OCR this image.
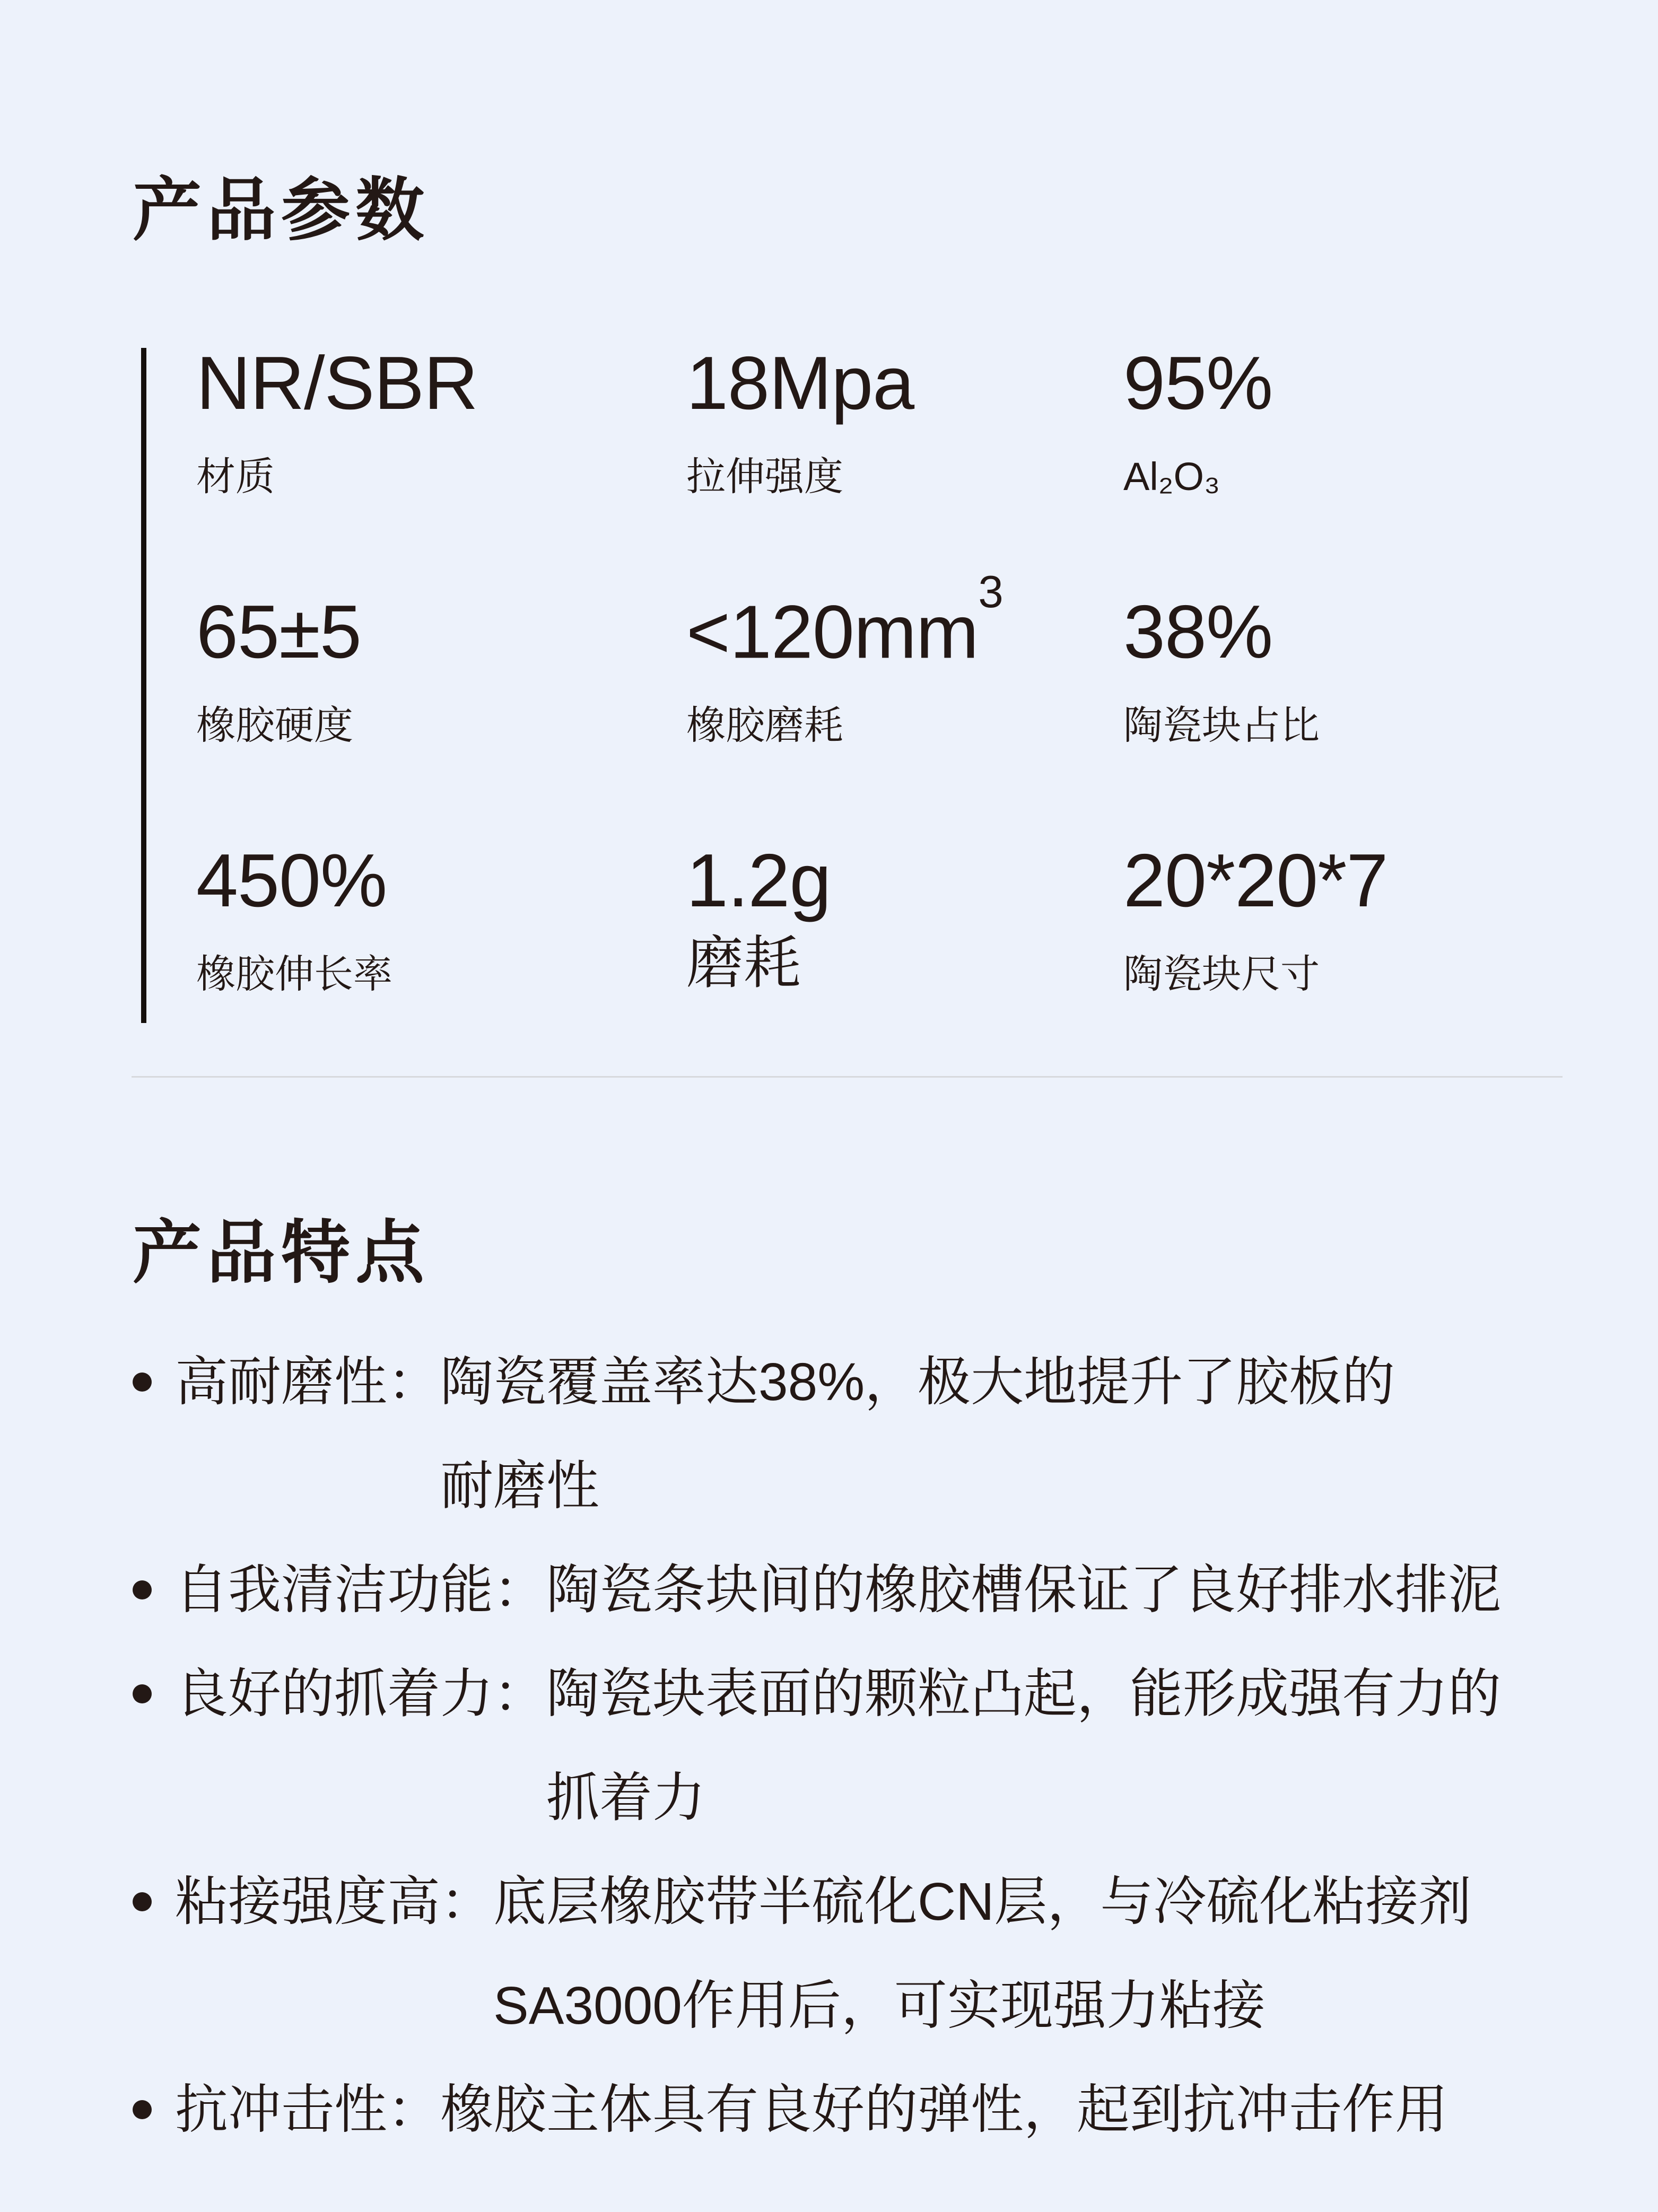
产品参数
NR/SBR
材质
18Mpa
拉伸强度
95%
Al₂O₃
65±5
橡胶硬度
$<120mm^3$
橡胶磨耗
38%
陶瓷块占比
450%
橡胶伸长率
1.2g
磨耗
20*20*7
陶瓷块尺寸
产品特点
高耐磨性： 陶瓷覆盖率达38%，极大地提升了胶板的
耐磨性
自我清洁功能： 陶瓷条块间的橡胶槽保证了良好排水排泥
良好的抓着力： 陶瓷块表面的颗粒凸起，能形成强有力的
抓着力
粘接强度高： 底层橡胶带半硫化CN层，与冷硫化粘接剂
SA3000作用后，可实现强力粘接
抗冲击性： 橡胶主体具有良好的弹性，起到抗冲击作用
